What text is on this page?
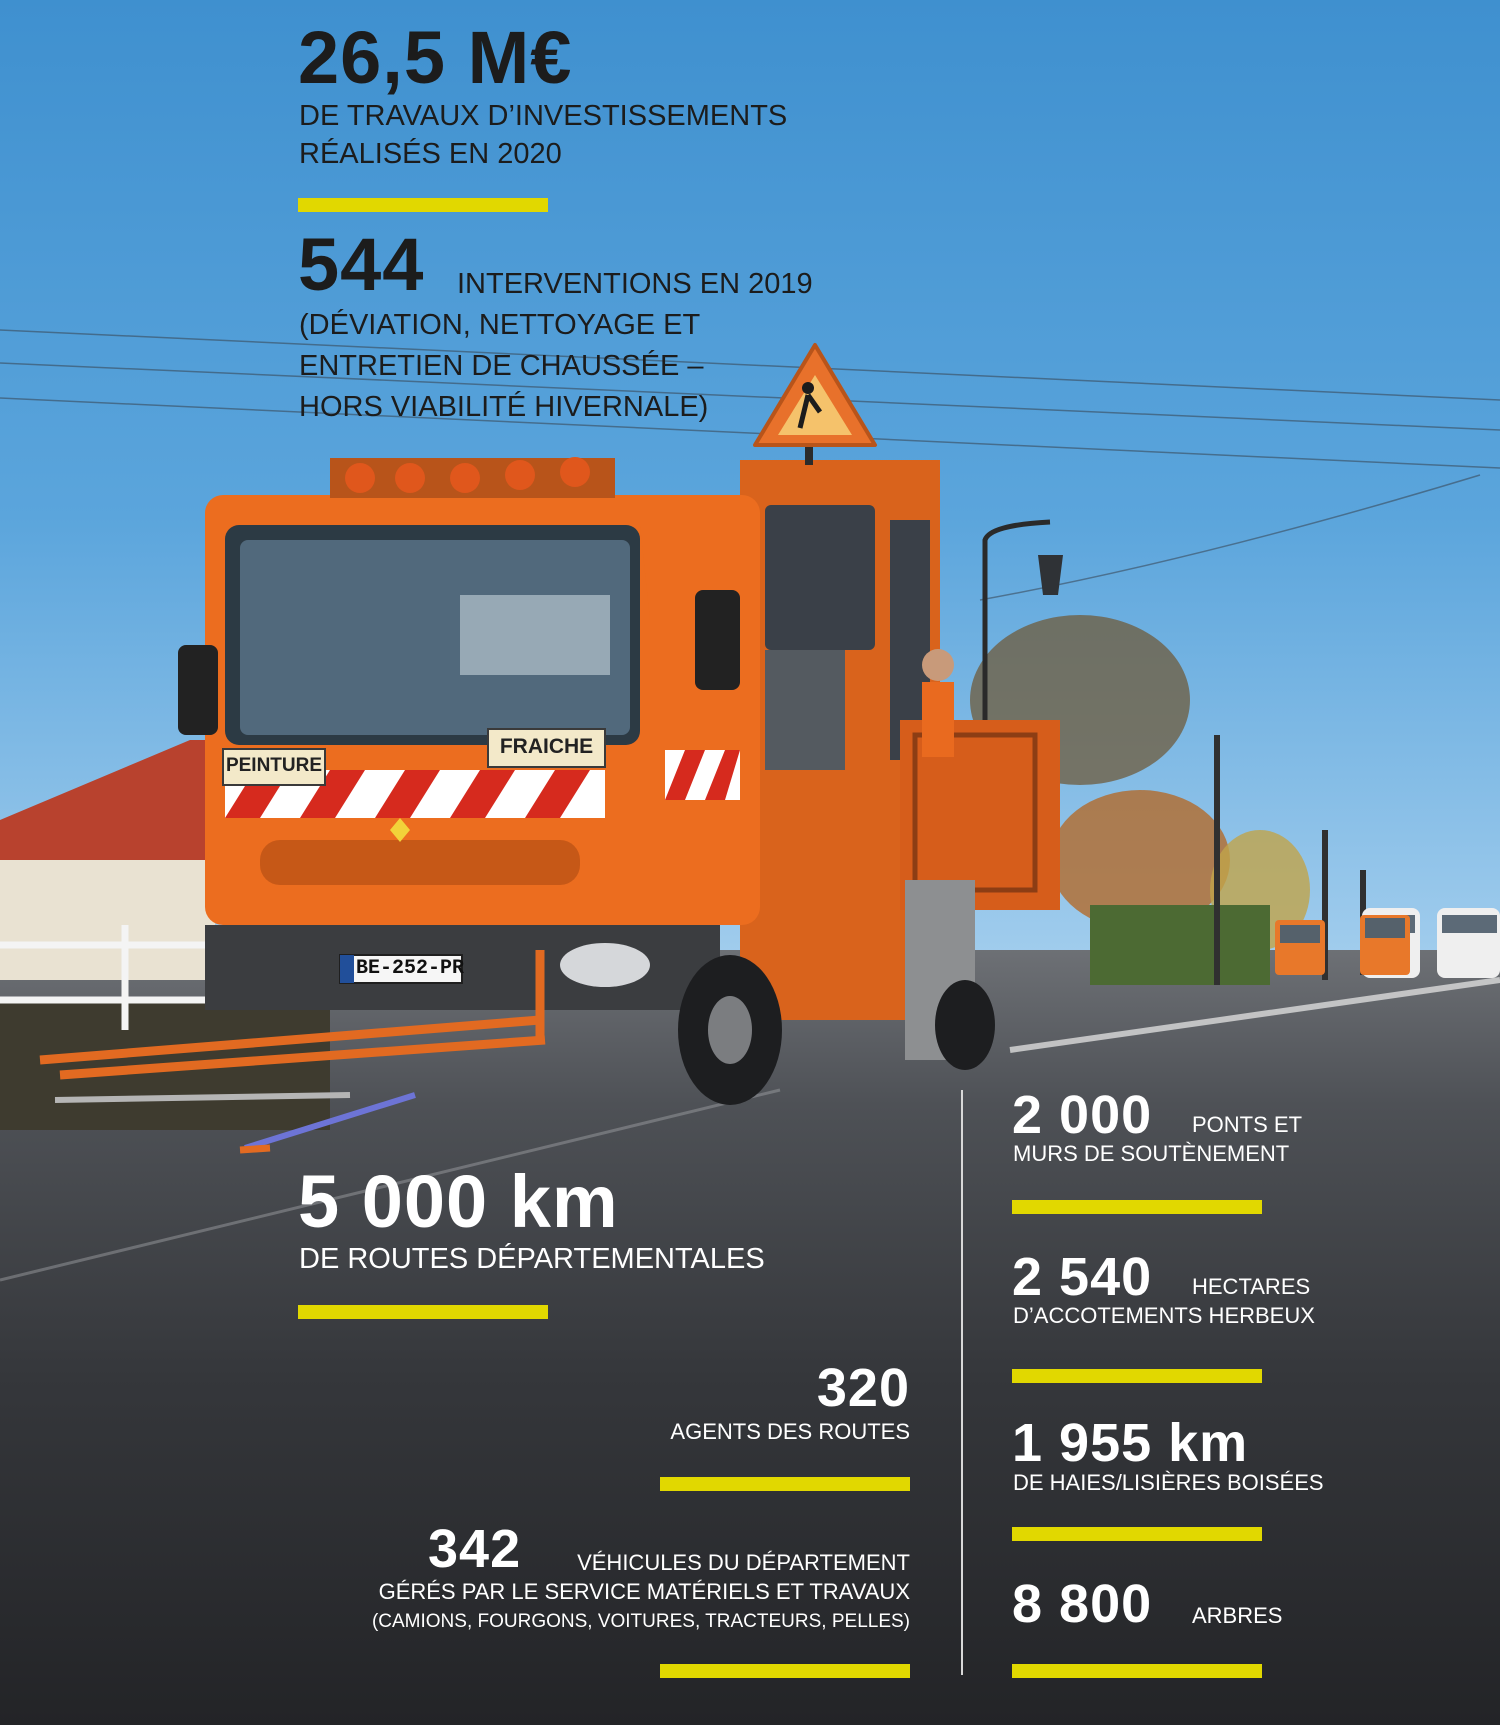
26,5 M€
DE TRAVAUX D’INVESTISSEMENTS
RÉALISÉS EN 2020
544 INTERVENTIONS EN 2019
(DÉVIATION, NETTOYAGE ET
ENTRETIEN DE CHAUSSÉE –
HORS VIABILITÉ HIVERNALE)
PEINTURE
FRAICHE
BE-252-PR
5 000 km
DE ROUTES DÉPARTEMENTALES
320
AGENTS DES ROUTES
342	VÉHICULES DU DÉPARTEMENT
GÉRÉS PAR LE SERVICE MATÉRIELS ET TRAVAUX
(CAMIONS, FOURGONS, VOITURES, TRACTEURS, PELLES)
2 000 PONTS ET
MURS DE SOUTÈNEMENT
2 540 HECTARES
D’ACCOTEMENTS HERBEUX
1 955 km
DE HAIES/LISIÈRES BOISÉES
8 800 ARBRES
